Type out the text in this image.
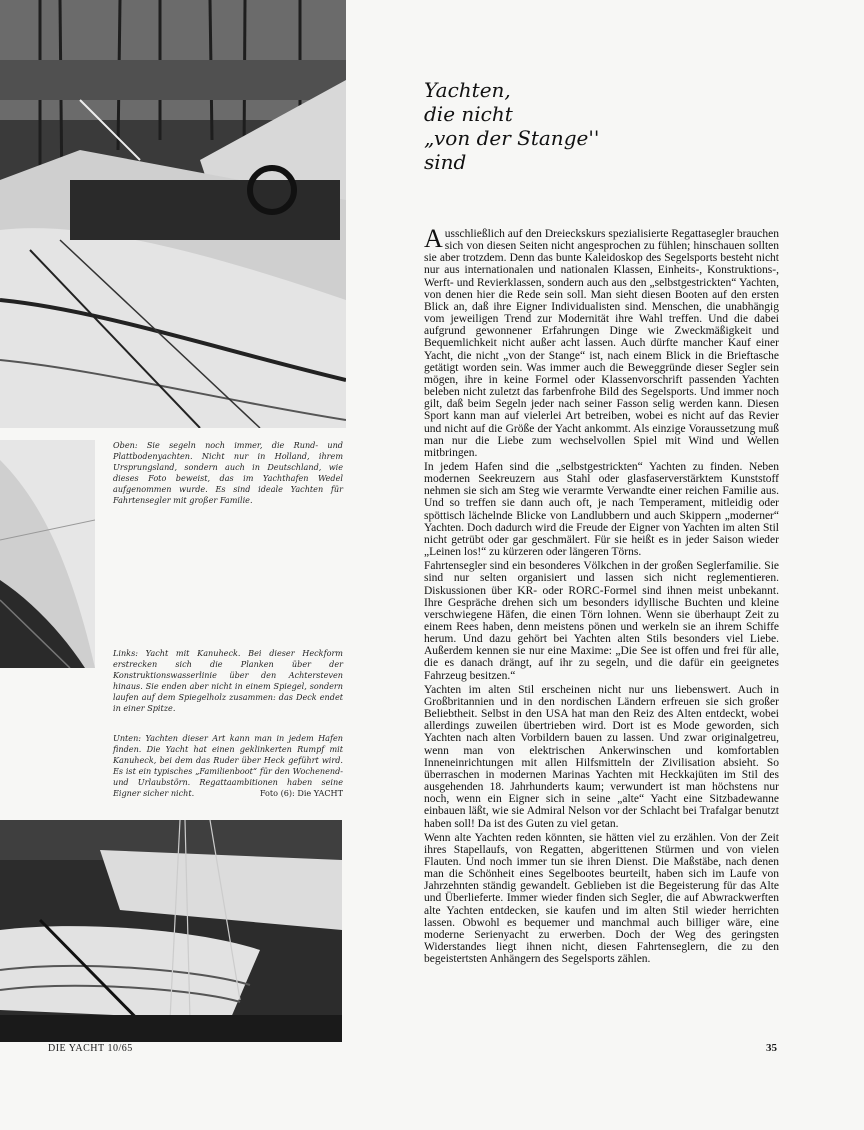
Oben: Sie segeln noch immer, die Rund- und Plattbodenyachten. Nicht nur in Holland, ihrem Ursprungsland, sondern auch in Deutschland, wie dieses Foto beweist, das im Yachthafen Wedel aufgenommen wurde. Es sind ideale Yachten für Fahrtensegler mit großer Familie.
Links: Yacht mit Kanuheck. Bei dieser Heckform erstrecken sich die Planken über der Konstruktionswasserlinie über den Achtersteven hinaus. Sie enden aber nicht in einem Spiegel, sondern laufen auf dem Spiegelholz zusammen: das Deck endet in einer Spitze.
Unten: Yachten dieser Art kann man in jedem Hafen finden. Die Yacht hat einen geklinkerten Rumpf mit Kanuheck, bei dem das Ruder über Heck geführt wird. Es ist ein typisches „Familienboot“ für den Wochenend- und Urlaubstörn. Regattaambitionen haben seine Eigner sicher nicht.	Foto (6): Die YACHT
Yachten,
die nicht
„von der Stange''
sind

Ausschließlich auf den Dreieckskurs spezialisierte Regattasegler brauchen sich von diesen Seiten nicht angesprochen zu fühlen; hinschauen sollten sie aber trotzdem. Denn das bunte Kaleidoskop des Segelsports besteht nicht nur aus internationalen und nationalen Klassen, Einheits-, Konstruktions-, Werft- und Revierklassen, sondern auch aus den „selbstgestrickten“ Yachten, von denen hier die Rede sein soll. Man sieht diesen Booten auf den ersten Blick an, daß ihre Eigner Individualisten sind. Menschen, die unabhängig vom jeweiligen Trend zur Modernität ihre Wahl treffen. Und die dabei aufgrund gewonnener Erfahrungen Dinge wie Zweckmäßigkeit und Bequemlichkeit nicht außer acht lassen. Auch dürfte mancher Kauf einer Yacht, die nicht „von der Stange“ ist, nach einem Blick in die Brieftasche getätigt worden sein. Was immer auch die Beweggründe dieser Segler sein mögen, ihre in keine Formel oder Klassenvorschrift passenden Yachten beleben nicht zuletzt das farbenfrohe Bild des Segelsports. Und immer noch gilt, daß beim Segeln jeder nach seiner Fasson selig werden kann. Diesen Sport kann man auf vielerlei Art betreiben, wobei es nicht auf das Revier und nicht auf die Größe der Yacht ankommt. Als einzige Voraussetzung muß man nur die Liebe zum wechselvollen Spiel mit Wind und Wellen mitbringen.

In jedem Hafen sind die „selbstgestrickten“ Yachten zu finden. Neben modernen Seekreuzern aus Stahl oder glasfaserverstärktem Kunststoff nehmen sie sich am Steg wie verarmte Verwandte einer reichen Familie aus. Und so treffen sie dann auch oft, je nach Temperament, mitleidig oder spöttisch lächelnde Blicke von Landlubbern und auch Skippern „moderner“ Yachten. Doch dadurch wird die Freude der Eigner von Yachten im alten Stil nicht getrübt oder gar geschmälert. Für sie heißt es in jeder Saison wieder „Leinen los!“ zu kürzeren oder längeren Törns.

Fahrtensegler sind ein besonderes Völkchen in der großen Seglerfamilie. Sie sind nur selten organisiert und lassen sich nicht reglementieren. Diskussionen über KR- oder RORC-Formel sind ihnen meist unbekannt. Ihre Gespräche drehen sich um besonders idyllische Buchten und kleine verschwiegene Häfen, die einen Törn lohnen. Wenn sie überhaupt Zeit zu einem Rees haben, denn meistens pönen und werkeln sie an ihrem Schiffe herum. Und dazu gehört bei Yachten alten Stils besonders viel Liebe. Außerdem kennen sie nur eine Maxime: „Die See ist offen und frei für alle, die es danach drängt, auf ihr zu segeln, und die dafür ein geeignetes Fahrzeug besitzen.“

Yachten im alten Stil erscheinen nicht nur uns liebenswert. Auch in Großbritannien und in den nordischen Ländern erfreuen sie sich großer Beliebtheit. Selbst in den USA hat man den Reiz des Alten entdeckt, wobei allerdings zuweilen übertrieben wird. Dort ist es Mode geworden, sich Yachten nach alten Vorbildern bauen zu lassen. Und zwar originalgetreu, wenn man von elektrischen Ankerwinschen und komfortablen Inneneinrichtungen mit allen Hilfsmitteln der Zivilisation absieht. So überraschen in modernen Marinas Yachten mit Heckkajüten im Stil des ausgehenden 18. Jahrhunderts kaum; verwundert ist man höchstens nur noch, wenn ein Eigner sich in seine „alte“ Yacht eine Sitzbadewanne einbauen läßt, wie sie Admiral Nelson vor der Schlacht bei Trafalgar benutzt haben soll! Da ist des Guten zu viel getan.

Wenn alte Yachten reden könnten, sie hätten viel zu erzählen. Von der Zeit ihres Stapellaufs, von Regatten, abgerittenen Stürmen und von vielen Flauten. Und noch immer tun sie ihren Dienst. Die Maßstäbe, nach denen man die Schönheit eines Segelbootes beurteilt, haben sich im Laufe von Jahrzehnten ständig gewandelt. Geblieben ist die Begeisterung für das Alte und Überlieferte. Immer wieder finden sich Segler, die auf Abwrackwerften alte Yachten entdecken, sie kaufen und im alten Stil wieder herrichten lassen. Obwohl es bequemer und manchmal auch billiger wäre, eine moderne Serienyacht zu erwerben. Doch der Weg des geringsten Widerstandes liegt ihnen nicht, diesen Fahrtenseglern, die zu den begeistertsten Anhängern des Segelsports zählen.

DIE YACHT 10/65	35
